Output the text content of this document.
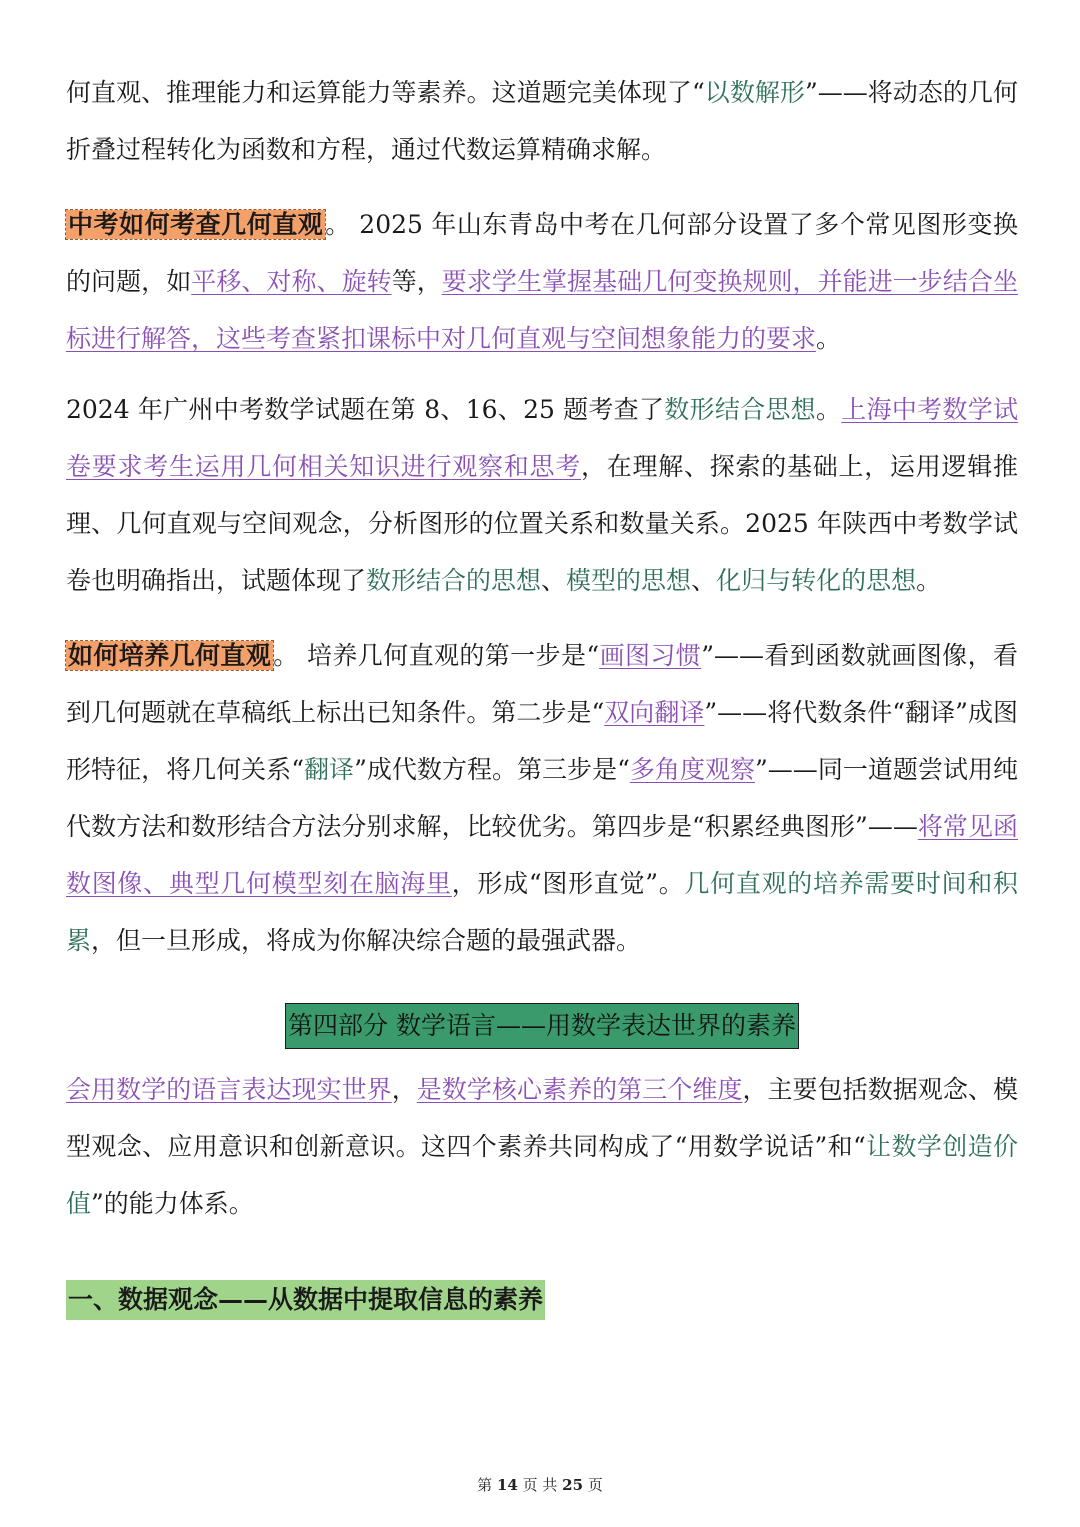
何直观、推理能力和运算能力等素养。这道题完美体现了“以数解形”——将动态的几何折叠过程转化为函数和方程，通过代数运算精确求解。

中考如何考查几何直观。 2025 年山东青岛中考在几何部分设置了多个常见图形变换的问题，如平移、对称、旋转等，要求学生掌握基础几何变换规则，并能进一步结合坐标进行解答，这些考查紧扣课标中对几何直观与空间想象能力的要求。

2024 年广州中考数学试题在第 8、16、25 题考查了数形结合思想。上海中考数学试卷要求考生运用几何相关知识进行观察和思考，在理解、探索的基础上，运用逻辑推理、几何直观与空间观念，分析图形的位置关系和数量关系。2025 年陕西中考数学试卷也明确指出，试题体现了数形结合的思想、模型的思想、化归与转化的思想。

如何培养几何直观。 培养几何直观的第一步是“画图习惯”——看到函数就画图像，看到几何题就在草稿纸上标出已知条件。第二步是“双向翻译”——将代数条件“翻译”成图形特征，将几何关系“翻译”成代数方程。第三步是“多角度观察”——同一道题尝试用纯代数方法和数形结合方法分别求解，比较优劣。第四步是“积累经典图形”——将常见函数图像、典型几何模型刻在脑海里，形成“图形直觉”。几何直观的培养需要时间和积累，但一旦形成，将成为你解决综合题的最强武器。

第四部分 数学语言——用数学表达世界的素养

会用数学的语言表达现实世界，是数学核心素养的第三个维度，主要包括数据观念、模型观念、应用意识和创新意识。这四个素养共同构成了“用数学说话”和“让数学创造价值”的能力体系。

一、数据观念——从数据中提取信息的素养
第 14 页 共 25 页
